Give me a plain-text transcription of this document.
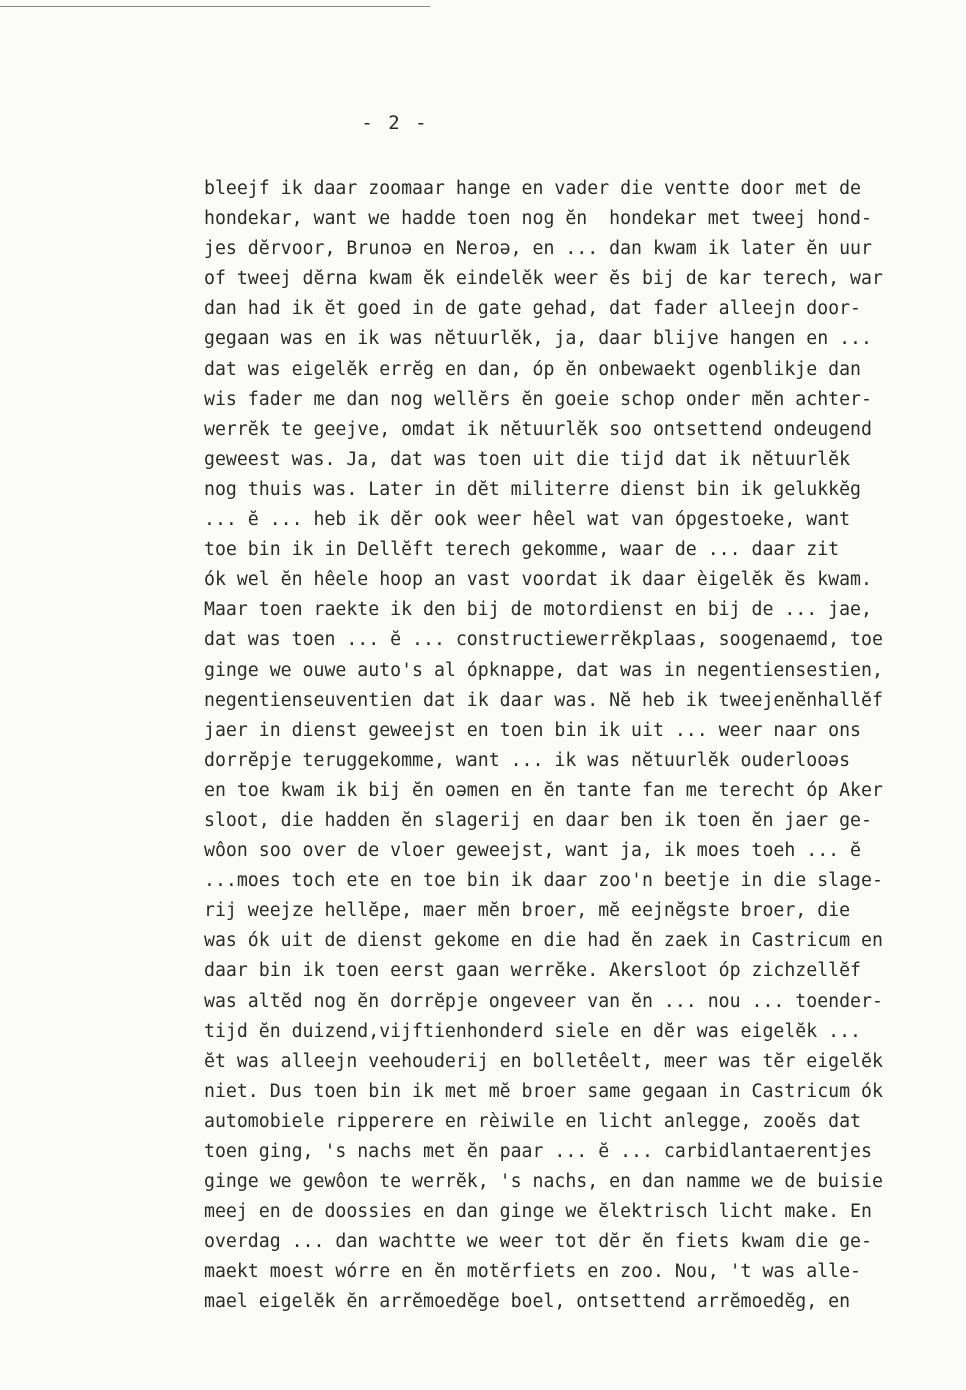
- 2 -
bleejf ik daar zoomaar hange en vader die ventte door met de
hondekar, want we hadde toen nog ĕn  hondekar met tweej hond-
jes dĕrvoor, Brunoə en Neroə, en ... dan kwam ik later ĕn uur
of tweej dĕrna kwam ĕk eindelĕk weer ĕs bij de kar terech, war
dan had ik ĕt goed in de gate gehad, dat fader alleejn door-
gegaan was en ik was nĕtuurlĕk, ja, daar blijve hangen en ...
dat was eigelĕk errĕg en dan, óp ĕn onbewaekt ogenblikje dan
wis fader me dan nog wellĕrs ĕn goeie schop onder mĕn achter-
werrĕk te geejve, omdat ik nĕtuurlĕk soo ontsettend ondeugend
geweest was. Ja, dat was toen uit die tijd dat ik nĕtuurlĕk
nog thuis was. Later in dĕt militerre dienst bin ik gelukkĕg
... ĕ ... heb ik dĕr ook weer hêel wat van ópgestoeke, want
toe bin ik in Dellĕft terech gekomme, waar de ... daar zit
ók wel ĕn hêele hoop an vast voordat ik daar èigelĕk ĕs kwam.
Maar toen raekte ik den bij de motordienst en bij de ... jae,
dat was toen ... ĕ ... constructiewerrĕkplaas, soogenaemd, toe
ginge we ouwe auto's al ópknappe, dat was in negentiensestien,
negentienseuventien dat ik daar was. Nĕ heb ik tweejenĕnhallĕf
jaer in dienst geweejst en toen bin ik uit ... weer naar ons
dorrĕpje teruggekomme, want ... ik was nĕtuurlĕk ouderlooəs
en toe kwam ik bij ĕn oəmen en ĕn tante fan me terecht óp Aker
sloot, die hadden ĕn slagerij en daar ben ik toen ĕn jaer ge-
wôon soo over de vloer geweejst, want ja, ik moes toeh ... ĕ
...moes toch ete en toe bin ik daar zoo'n beetje in die slage-
rij weejze hellĕpe, maer mĕn broer, mĕ eejnĕgste broer, die
was ók uit de dienst gekome en die had ĕn zaek in Castricum en
daar bin ik toen eerst gaan werrĕke. Akersloot óp zichzellĕf
was altĕd nog ĕn dorrĕpje ongeveer van ĕn ... nou ... toender-
tijd ĕn duizend,vijftienhonderd siele en dĕr was eigelĕk ...
ĕt was alleejn veehouderij en bolletêelt, meer was tĕr eigelĕk
niet. Dus toen bin ik met mĕ broer same gegaan in Castricum ók
automobiele ripperere en rèiwile en licht anlegge, zooĕs dat
toen ging, 's nachs met ĕn paar ... ĕ ... carbidlantaerentjes
ginge we gewôon te werrĕk, 's nachs, en dan namme we de buisie
meej en de doossies en dan ginge we ĕlektrisch licht make. En
overdag ... dan wachtte we weer tot dĕr ĕn fiets kwam die ge-
maekt moest wórre en ĕn motĕrfiets en zoo. Nou, 't was alle-
mael eigelĕk ĕn arrĕmoedĕge boel, ontsettend arrĕmoedĕg, en
